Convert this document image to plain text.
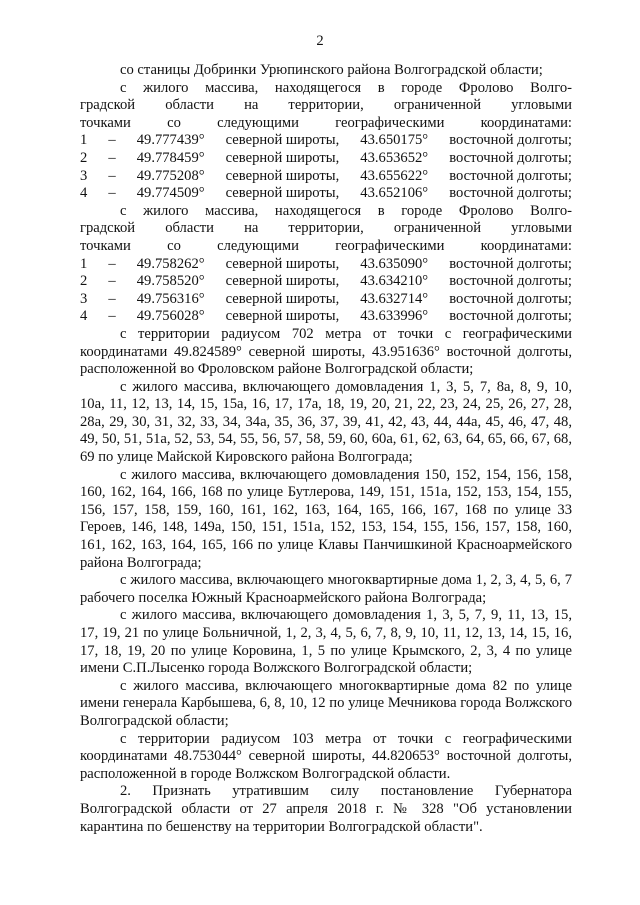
2

со станицы Добринки Урюпинского района Волгоградской области;

с жилого массива, находящегося в городе Фролово Волго-

градской области на территории, ограниченной угловыми

точками со следующими географическими координатами:

1 – 49.777439° северной широты, 43.650175° восточной долготы;
2 – 49.778459° северной широты, 43.653652° восточной долготы;
3 – 49.775208° северной широты, 43.655622° восточной долготы;
4 – 49.774509° северной широты, 43.652106° восточной долготы;

с жилого массива, находящегося в городе Фролово Волго-

градской области на территории, ограниченной угловыми

точками со следующими географическими координатами:

1 – 49.758262° северной широты, 43.635090° восточной долготы;
2 – 49.758520° северной широты, 43.634210° восточной долготы;
3 – 49.756316° северной широты, 43.632714° восточной долготы;
4 – 49.756028° северной широты, 43.633996° восточной долготы;

с территории радиусом 702 метра от точки с географическими координатами 49.824589° северной широты, 43.951636° восточной долготы, расположенной во Фроловском районе Волгоградской области;

с жилого массива, включающего домовладения 1, 3, 5, 7, 8а, 8, 9, 10, 10а, 11, 12, 13, 14, 15, 15а, 16, 17, 17а, 18, 19, 20, 21, 22, 23, 24, 25, 26, 27, 28, 28а, 29, 30, 31, 32, 33, 34, 34а, 35, 36, 37, 39, 41, 42, 43, 44, 44а, 45, 46, 47, 48, 49, 50, 51, 51а, 52, 53, 54, 55, 56, 57, 58, 59, 60, 60а, 61, 62, 63, 64, 65, 66, 67, 68, 69 по улице Майской Кировского района Волгограда;

с жилого массива, включающего домовладения 150, 152, 154, 156, 158, 160, 162, 164, 166, 168 по улице Бутлерова, 149, 151, 151а, 152, 153, 154, 155, 156, 157, 158, 159, 160, 161, 162, 163, 164, 165, 166, 167, 168 по улице 33 Героев, 146, 148, 149а, 150, 151, 151а, 152, 153, 154, 155, 156, 157, 158, 160, 161, 162, 163, 164, 165, 166 по улице Клавы Панчишкиной Красноармейского района Волгограда;

с жилого массива, включающего многоквартирные дома 1, 2, 3, 4, 5, 6, 7 рабочего поселка Южный Красноармейского района Волгограда;

с жилого массива, включающего домовладения 1, 3, 5, 7, 9, 11, 13, 15, 17, 19, 21 по улице Больничной, 1, 2, 3, 4, 5, 6, 7, 8, 9, 10, 11, 12, 13, 14, 15, 16, 17, 18, 19, 20 по улице Коровина, 1, 5 по улице Крымского, 2, 3, 4 по улице имени С.П.Лысенко города Волжского Волгоградской области;

с жилого массива, включающего многоквартирные дома 82 по улице имени генерала Карбышева, 6, 8, 10, 12 по улице Мечникова города Волжского Волгоградской области;

с территории радиусом 103 метра от точки с географическими координатами 48.753044° северной широты, 44.820653° восточной долготы, расположенной в городе Волжском Волгоградской области.

2. Признать утратившим силу постановление Губернатора Волгоградской области от 27 апреля 2018 г. № 328 "Об установлении карантина по бешенству на территории Волгоградской области".
